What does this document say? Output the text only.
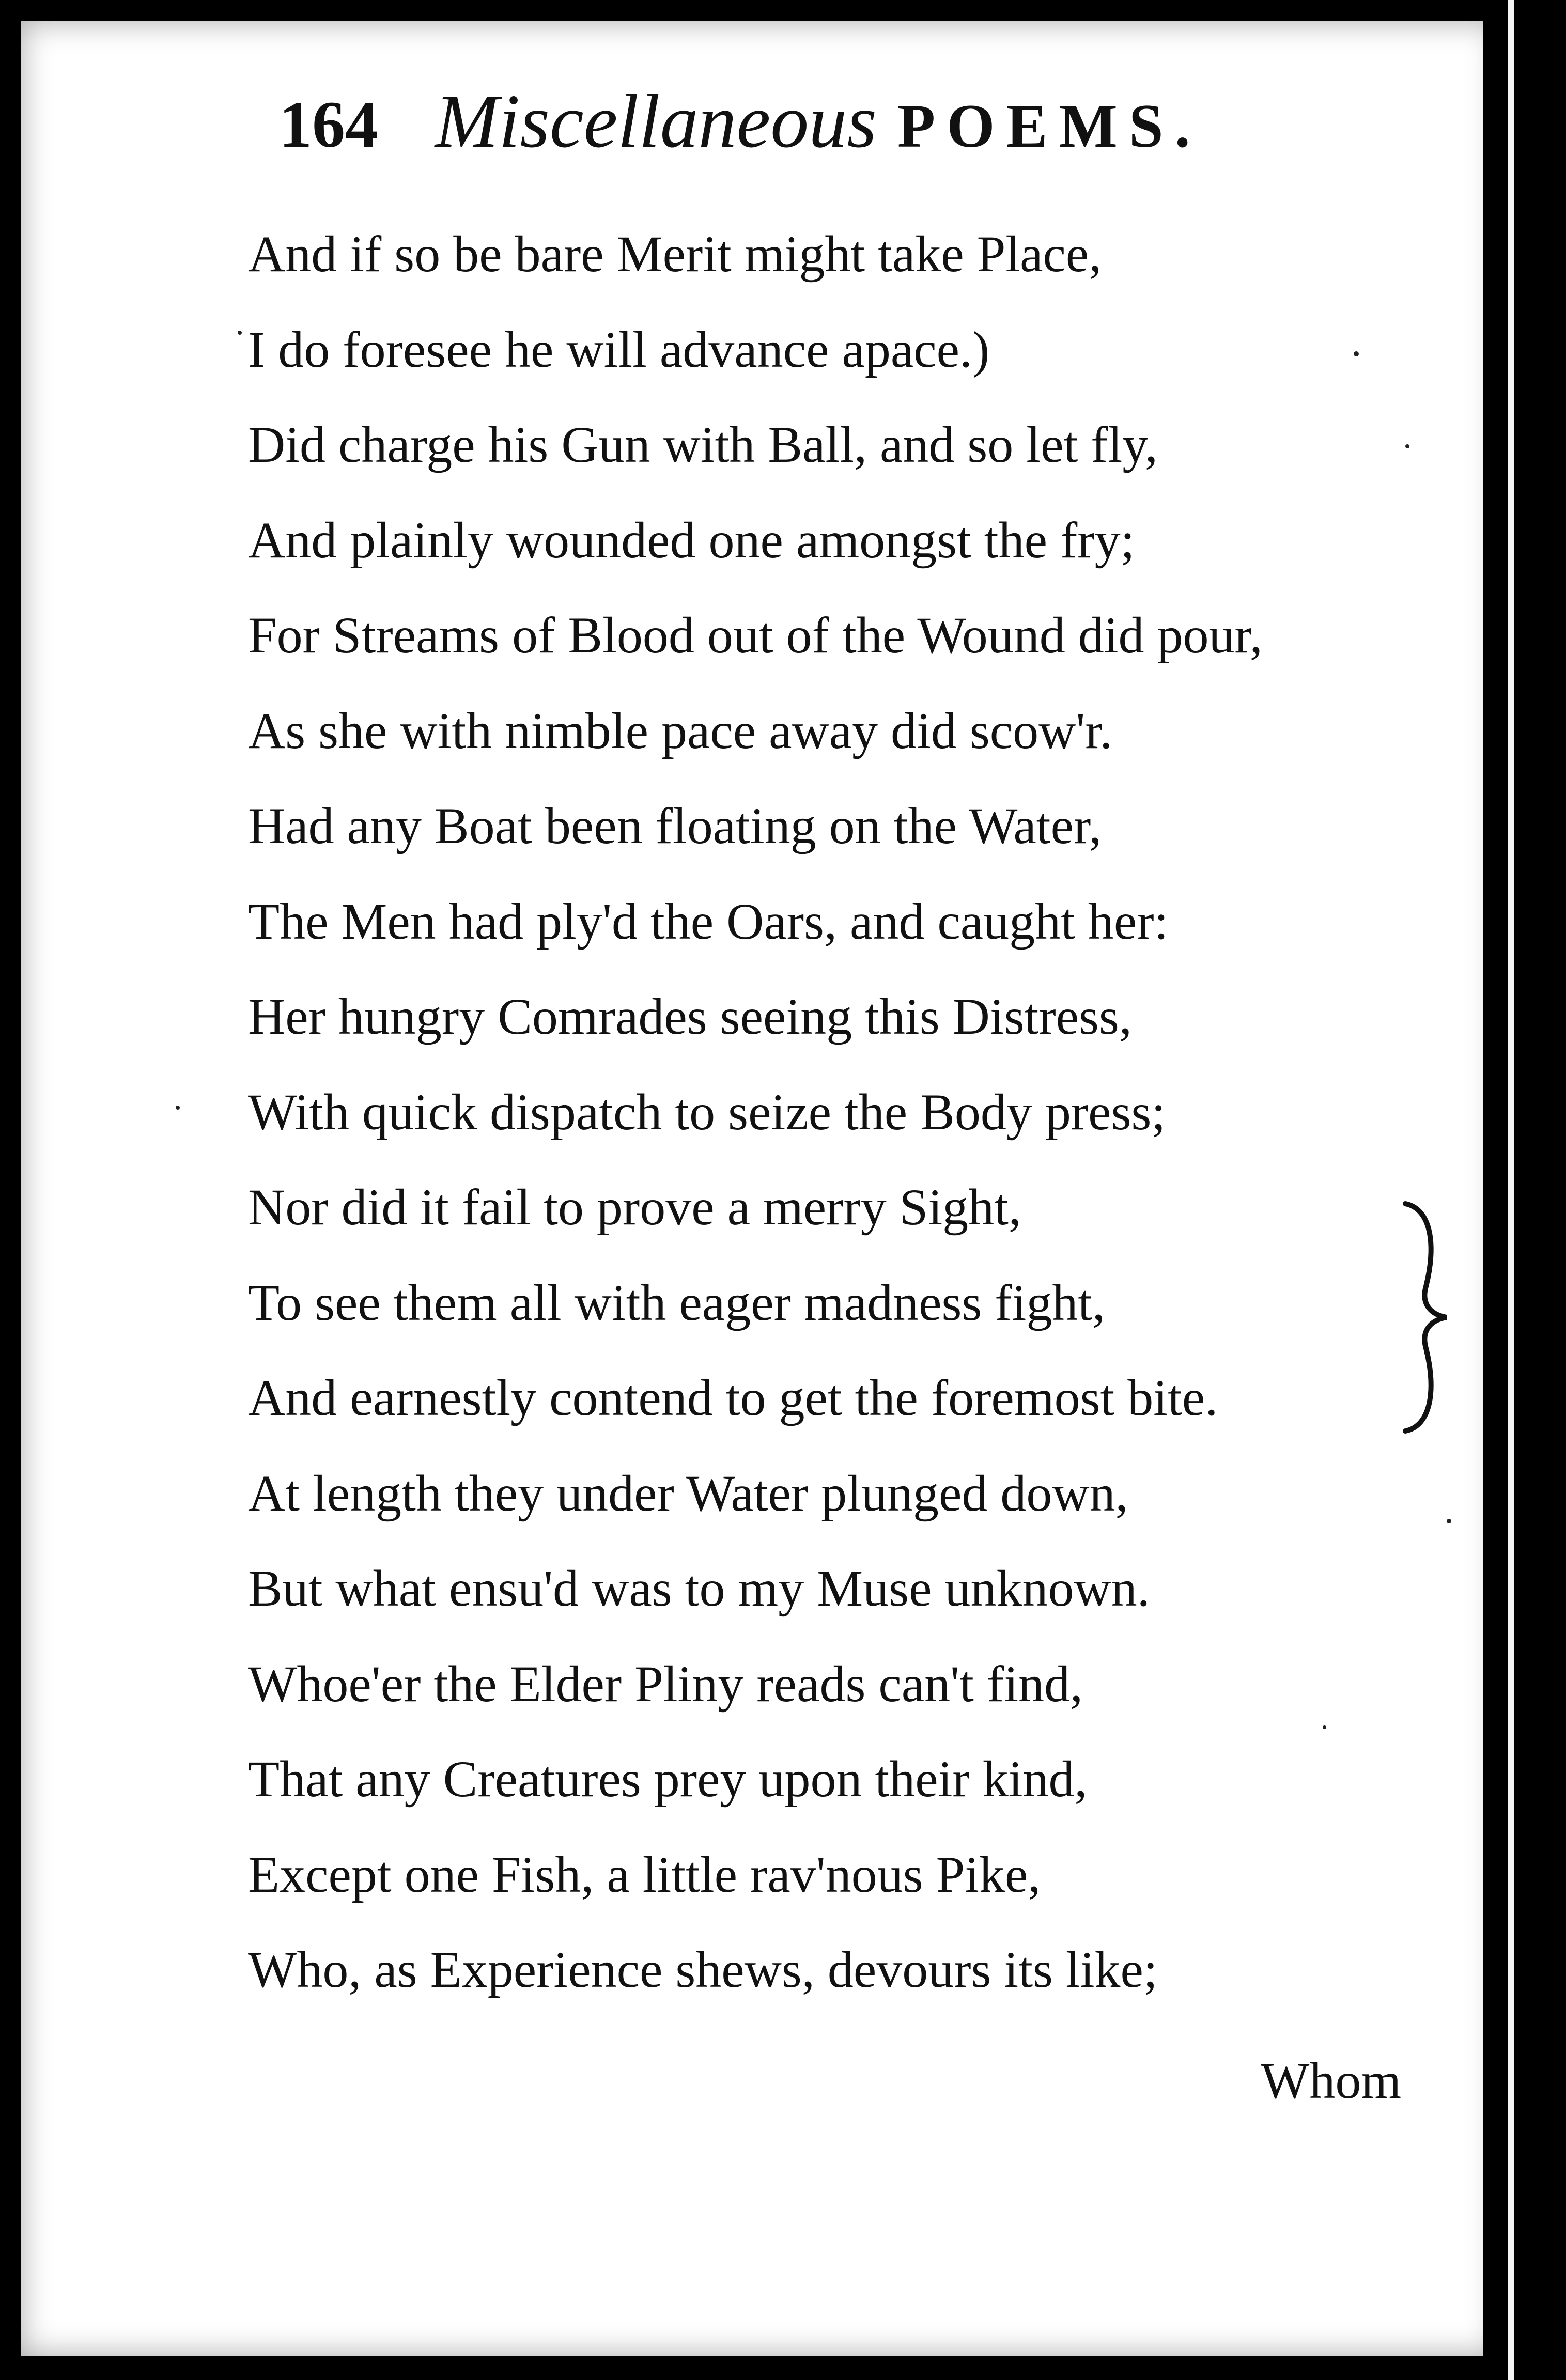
164 Miscellaneous POEMS.
And if so be bare Merit might take Place,
I do foresee he will advance apace.)
Did charge his Gun with Ball, and so let fly,
And plainly wounded one amongst the fry;
For Streams of Blood out of the Wound did pour,
As she with nimble pace away did scow'r.
Had any Boat been floating on the Water,
The Men had ply'd the Oars, and caught her:
Her hungry Comrades seeing this Distress,
With quick dispatch to seize the Body press;
Nor did it fail to prove a merry Sight,
To see them all with eager madness fight,
And earnestly contend to get the foremost bite.
At length they under Water plunged down,
But what ensu'd was to my Muse unknown.
Whoe'er the Elder Pliny reads can't find,
That any Creatures prey upon their kind,
Except one Fish, a little rav'nous Pike,
Who, as Experience shews, devours its like;
Whom
